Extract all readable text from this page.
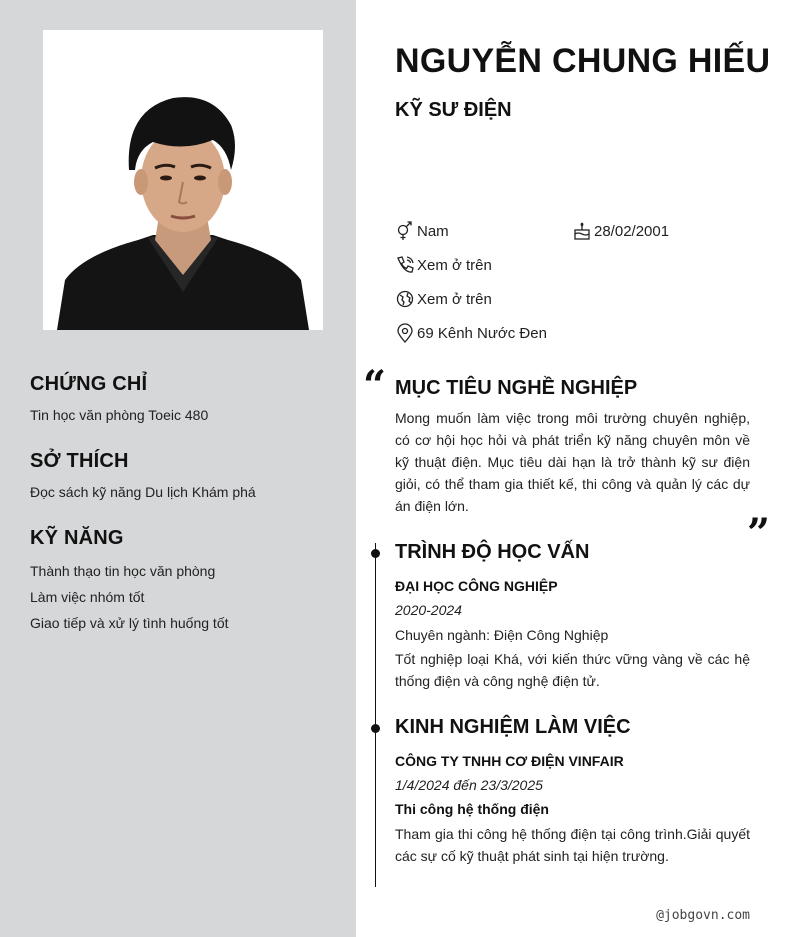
CHỨNG CHỈ
Tin học văn phòng Toeic 480
SỞ THÍCH
Đọc sách kỹ năng Du lịch Khám phá
KỸ NĂNG
Thành thạo tin học văn phòng
Làm việc nhóm tốt
Giao tiếp và xử lý tình huống tốt
NGUYỄN CHUNG HIẾU
KỸ SƯ ĐIỆN
Nam	28/02/2001
Xem ở trên
Xem ở trên
69 Kênh Nước Đen
“ MỤC TIÊU NGHỀ NGHIỆP
Mong muốn làm việc trong môi trường chuyên nghiệp, có cơ hội học hỏi và phát triển kỹ năng chuyên môn về kỹ thuật điện. Mục tiêu dài hạn là trở thành kỹ sư điện giỏi, có thể tham gia thiết kế, thi công và quản lý các dự án điện lớn.
”
TRÌNH ĐỘ HỌC VẤN
ĐẠI HỌC CÔNG NGHIỆP
2020-2024
Chuyên ngành: Điện Công Nghiệp
Tốt nghiệp loại Khá, với kiến thức vững vàng về các hệ thống điện và công nghệ điện tử.
KINH NGHIỆM LÀM VIỆC
CÔNG TY TNHH CƠ ĐIỆN VINFAIR
1/4/2024 đến 23/3/2025
Thi công hệ thống điện
Tham gia thi công hệ thống điện tại công trình.Giải quyết các sự cố kỹ thuật phát sinh tại hiện trường.
@jobgovn.com
